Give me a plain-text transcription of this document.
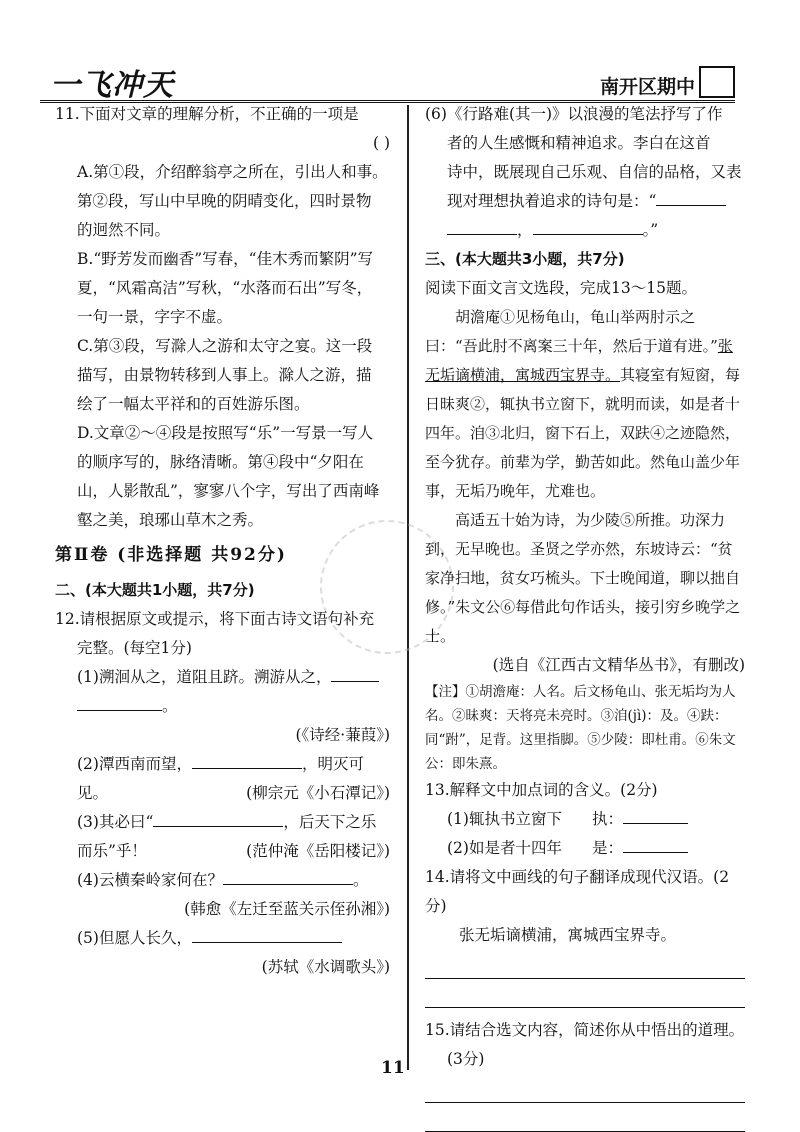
一飞冲天	南开区期中

11.下面对文章的理解分析，不正确的一项是

( )

A.第①段，介绍醉翁亭之所在，引出人和事。

第②段，写山中早晚的阴晴变化，四时景物

的迥然不同。

B.“野芳发而幽香”写春，“佳木秀而繁阴”写

夏，“风霜高洁”写秋，“水落而石出”写冬，

一句一景，字字不虚。

C.第③段，写滁人之游和太守之宴。这一段

描写，由景物转移到人事上。滁人之游，描

绘了一幅太平祥和的百姓游乐图。

D.文章②～④段是按照写“乐”一写景一写人

的顺序写的，脉络清晰。第④段中“夕阳在

山，人影散乱”，寥寥八个字，写出了西南峰

壑之美，琅琊山草木之秀。

第Ⅱ卷 (非选择题 共92分)

二、(本大题共1小题，共7分)

12.请根据原文或提示，将下面古诗文语句补充

完整。(每空1分)

(1)溯洄从之，道阻且跻。溯游从之，

。

(《诗经·蒹葭》)

(2)潭西南而望，	，明灭可

见。	(柳宗元《小石潭记》)

(3)其必曰“	，后天下之乐

而乐”乎！	(范仲淹《岳阳楼记》)

(4)云横秦岭家何在？	。

(韩愈《左迁至蓝关示侄孙湘》)

(5)但愿人长久，

(苏轼《水调歌头》)

(6)《行路难(其一)》以浪漫的笔法抒写了作

者的人生感慨和精神追求。李白在这首

诗中，既展现自己乐观、自信的品格，又表

现对理想执着追求的诗句是：“

，	。”

三、(本大题共3小题，共7分)

阅读下面文言文选段，完成13～15题。

胡澹庵①见杨龟山，龟山举两肘示之曰：“吾此肘不离案三十年，然后于道有进。”张无垢谪横浦，寓城西宝界寺。其寝室有短窗，每日昧爽②，辄执书立窗下，就明而读，如是者十四年。洎③北归，窗下石上，双趺④之迹隐然，至今犹存。前辈为学，勤苦如此。然龟山盖少年事，无垢乃晚年，尤难也。

高适五十始为诗，为少陵⑤所推。功深力到，无早晚也。圣贤之学亦然，东坡诗云：“贫家净扫地，贫女巧梳头。下士晚闻道，聊以拙自修。”朱文公⑥每借此句作话头，接引穷乡晚学之士。

(选自《江西古文精华丛书》，有删改)

【注】①胡澹庵：人名。后文杨龟山、张无垢均为人名。②昧爽：天将亮未亮时。③洎(jì)：及。④趺：同“跗”，足背。这里指脚。⑤少陵：即杜甫。⑥朱文公：即朱熹。

13.解释文中加点词的含义。(2分)

(1)辄执书立窗下 执：

(2)如是者十四年 是：

14.请将文中画线的句子翻译成现代汉语。(2分)

张无垢谪横浦，寓城西宝界寺。

15.请结合选文内容，简述你从中悟出的道理。

(3分)

11
